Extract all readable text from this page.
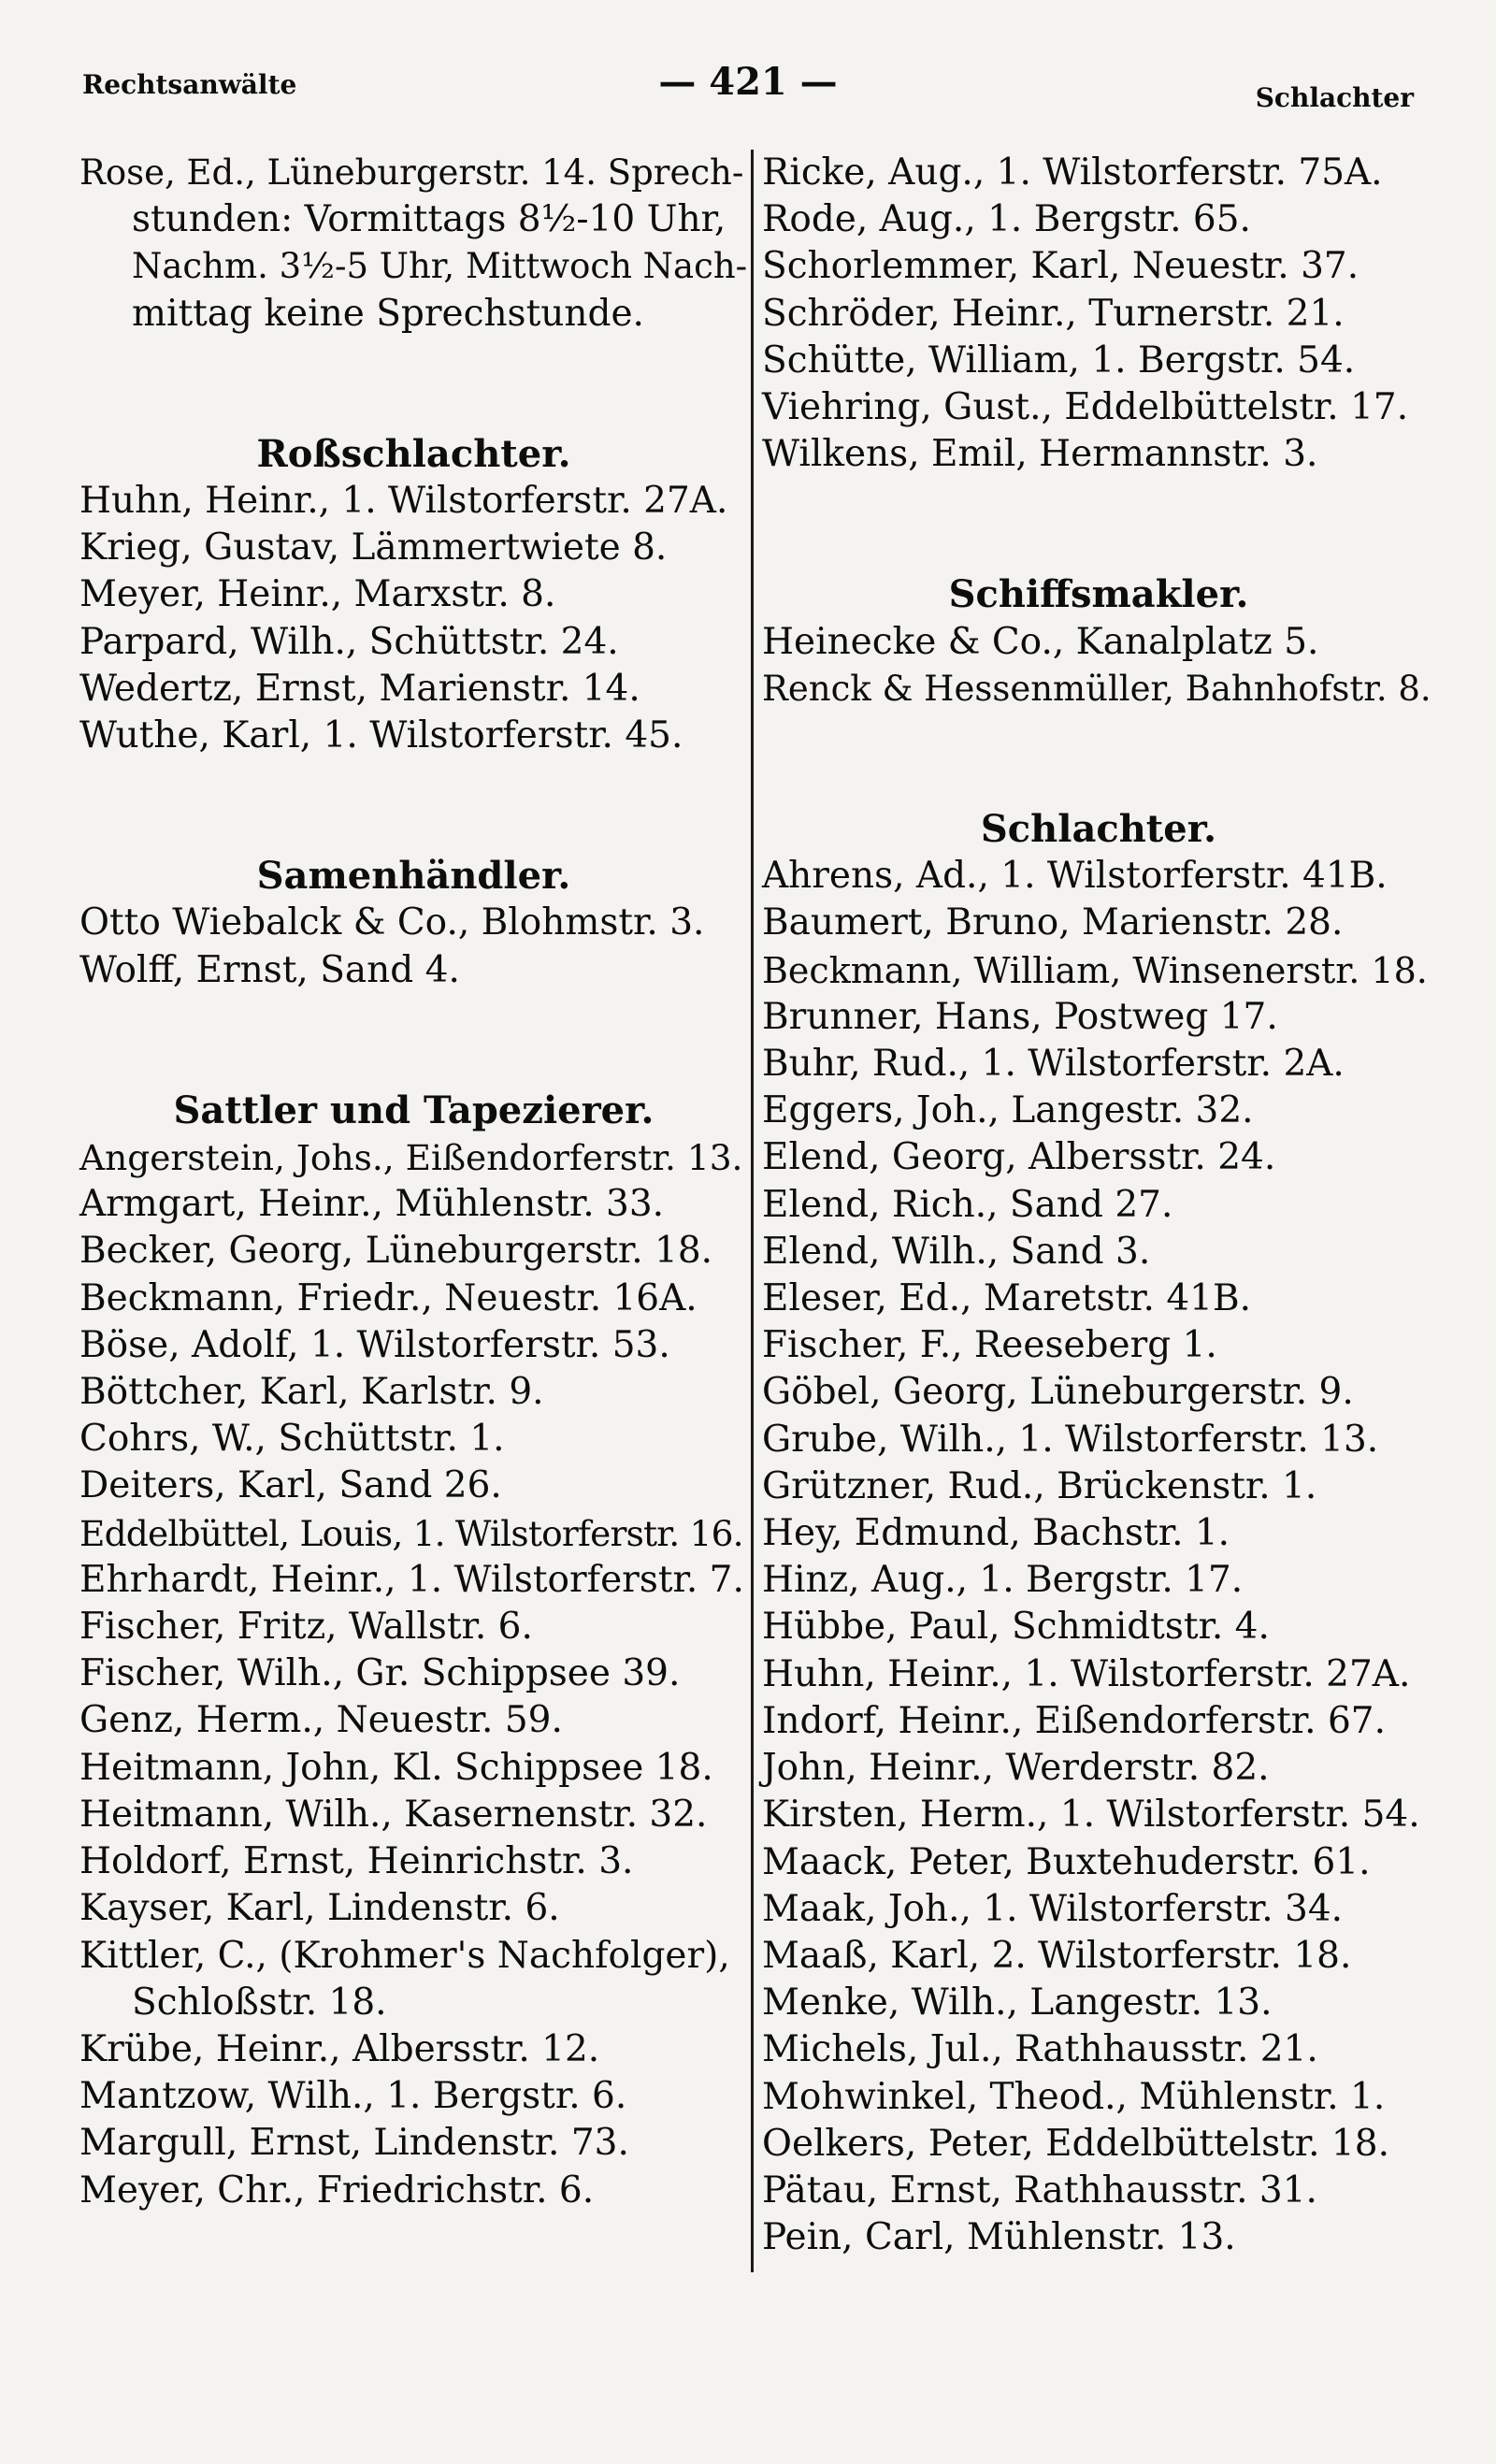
Rechtsanwälte	— 421 —	Schlachter
Rose, Ed., Lüneburgerstr. 14. Sprech-
stunden: Vormittags 8½-10 Uhr,
Nachm. 3½-5 Uhr, Mittwoch Nach-
mittag keine Sprechstunde.
Roßschlachter.
Huhn, Heinr., 1. Wilstorferstr. 27A.
Krieg, Gustav, Lämmertwiete 8.
Meyer, Heinr., Marxstr. 8.
Parpard, Wilh., Schüttstr. 24.
Wedertz, Ernst, Marienstr. 14.
Wuthe, Karl, 1. Wilstorferstr. 45.
Samenhändler.
Otto Wiebalck & Co., Blohmstr. 3.
Wolff, Ernst, Sand 4.
Sattler und Tapezierer.
Angerstein, Johs., Eißendorferstr. 13.
Armgart, Heinr., Mühlenstr. 33.
Becker, Georg, Lüneburgerstr. 18.
Beckmann, Friedr., Neuestr. 16A.
Böse, Adolf, 1. Wilstorferstr. 53.
Böttcher, Karl, Karlstr. 9.
Cohrs, W., Schüttstr. 1.
Deiters, Karl, Sand 26.
Eddelbüttel, Louis, 1. Wilstorferstr. 16.
Ehrhardt, Heinr., 1. Wilstorferstr. 7.
Fischer, Fritz, Wallstr. 6.
Fischer, Wilh., Gr. Schippsee 39.
Genz, Herm., Neuestr. 59.
Heitmann, John, Kl. Schippsee 18.
Heitmann, Wilh., Kasernenstr. 32.
Holdorf, Ernst, Heinrichstr. 3.
Kayser, Karl, Lindenstr. 6.
Kittler, C., (Krohmer's Nachfolger),
Schloßstr. 18.
Krübe, Heinr., Albersstr. 12.
Mantzow, Wilh., 1. Bergstr. 6.
Margull, Ernst, Lindenstr. 73.
Meyer, Chr., Friedrichstr. 6.
Ricke, Aug., 1. Wilstorferstr. 75A.
Rode, Aug., 1. Bergstr. 65.
Schorlemmer, Karl, Neuestr. 37.
Schröder, Heinr., Turnerstr. 21.
Schütte, William, 1. Bergstr. 54.
Viehring, Gust., Eddelbüttelstr. 17.
Wilkens, Emil, Hermannstr. 3.
Schiffsmakler.
Heinecke & Co., Kanalplatz 5.
Renck & Hessenmüller, Bahnhofstr. 8.
Schlachter.
Ahrens, Ad., 1. Wilstorferstr. 41B.
Baumert, Bruno, Marienstr. 28.
Beckmann, William, Winsenerstr. 18.
Brunner, Hans, Postweg 17.
Buhr, Rud., 1. Wilstorferstr. 2A.
Eggers, Joh., Langestr. 32.
Elend, Georg, Albersstr. 24.
Elend, Rich., Sand 27.
Elend, Wilh., Sand 3.
Eleser, Ed., Maretstr. 41B.
Fischer, F., Reeseberg 1.
Göbel, Georg, Lüneburgerstr. 9.
Grube, Wilh., 1. Wilstorferstr. 13.
Grützner, Rud., Brückenstr. 1.
Hey, Edmund, Bachstr. 1.
Hinz, Aug., 1. Bergstr. 17.
Hübbe, Paul, Schmidtstr. 4.
Huhn, Heinr., 1. Wilstorferstr. 27A.
Indorf, Heinr., Eißendorferstr. 67.
John, Heinr., Werderstr. 82.
Kirsten, Herm., 1. Wilstorferstr. 54.
Maack, Peter, Buxtehuderstr. 61.
Maak, Joh., 1. Wilstorferstr. 34.
Maaß, Karl, 2. Wilstorferstr. 18.
Menke, Wilh., Langestr. 13.
Michels, Jul., Rathhausstr. 21.
Mohwinkel, Theod., Mühlenstr. 1.
Oelkers, Peter, Eddelbüttelstr. 18.
Pätau, Ernst, Rathhausstr. 31.
Pein, Carl, Mühlenstr. 13.
